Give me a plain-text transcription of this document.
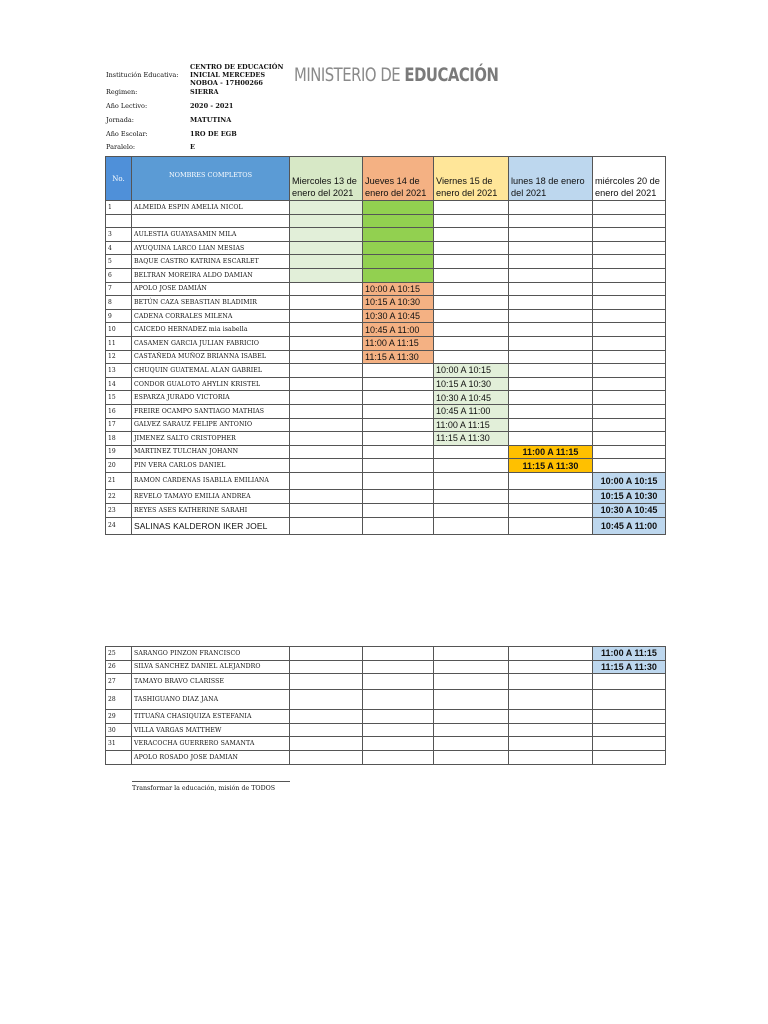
CENTRO DE EDUCACIÓN
Institución Educativa: INICIAL MERCEDES
NOBOA - 17H00266
Regimen:	SIERRA
Año Lectivo:	2020 - 2021
Jornada:	MATUTINA
Año Escolar:	1RO DE EGB
Paralelo:	E
MINISTERIO DE EDUCACIÓN
No.	NOMBRES COMPLETOS	Miercoles 13 de enero del 2021	Jueves 14 de enero del 2021	Viernes 15 de enero del 2021	lunes 18 de enero del 2021	miércoles 20 de enero del 2021
1	ALMEIDA ESPIN AMELIA NICOL					

3	AULESTIA GUAYASAMIN MILA					
4	AYUQUINA LARCO LIAN MESIAS					
5	BAQUE CASTRO KATRINA ESCARLET					
6	BELTRAN MOREIRA ALDO DAMIAN					
7	APOLO JOSE DAMIÁN		10:00 A 10:15			
8	BETÚN CAZA SEBASTIAN BLADIMIR		10:15 A 10:30			
9	CADENA CORRALES MILENA		10:30 A 10:45			
10	CAICEDO HERNADEZ mia isabella		10:45 A 11:00			
11	CASAMEN GARCIA JULIAN FABRICIO		11:00 A 11:15			
12	CASTAÑEDA MUÑOZ BRIANNA ISABEL		11:15 A 11:30			
13	CHUQUIN GUATEMAL ALAN GABRIEL			10:00 A 10:15		
14	CONDOR GUALOTO AHYLIN KRISTEL			10:15 A 10:30		
15	ESPARZA JURADO VICTORIA			10:30 A 10:45		
16	FREIRE OCAMPO SANTIAGO MATHIAS			10:45 A 11:00		
17	GALVEZ SARAUZ FELIPE ANTONIO			11:00 A 11:15		
18	JIMENEZ SALTO CRISTOPHER			11:15 A 11:30		
19	MARTINEZ TULCHAN JOHANN				11:00 A 11:15	
20	PIN VERA CARLOS DANIEL				11:15 A 11:30	
21	RAMON CARDENAS ISABLLA EMILIANA					10:00 A 10:15
22	REVELO TAMAYO EMILIA ANDREA					10:15 A 10:30
23	REYES ASES KATHERINE SARAHI					10:30 A 10:45
24	SALINAS KALDERON IKER JOEL					10:45 A 11:00
25	SARANGO PINZON FRANCISCO					11:00 A 11:15
26	SILVA SANCHEZ DANIEL ALEJANDRO					11:15 A 11:30
27	TAMAYO BRAVO CLARISSE					
28	TASHIGUANO DIAZ JANA					
29	TITUAÑA CHASIQUIZA ESTEFANIA					
30	VILLA VARGAS MATTHEW					
31	VERACOCHA GUERRERO SAMANTA					
	APOLO ROSADO JOSE DAMIAN					
Transformar la educación, misión de TODOS
